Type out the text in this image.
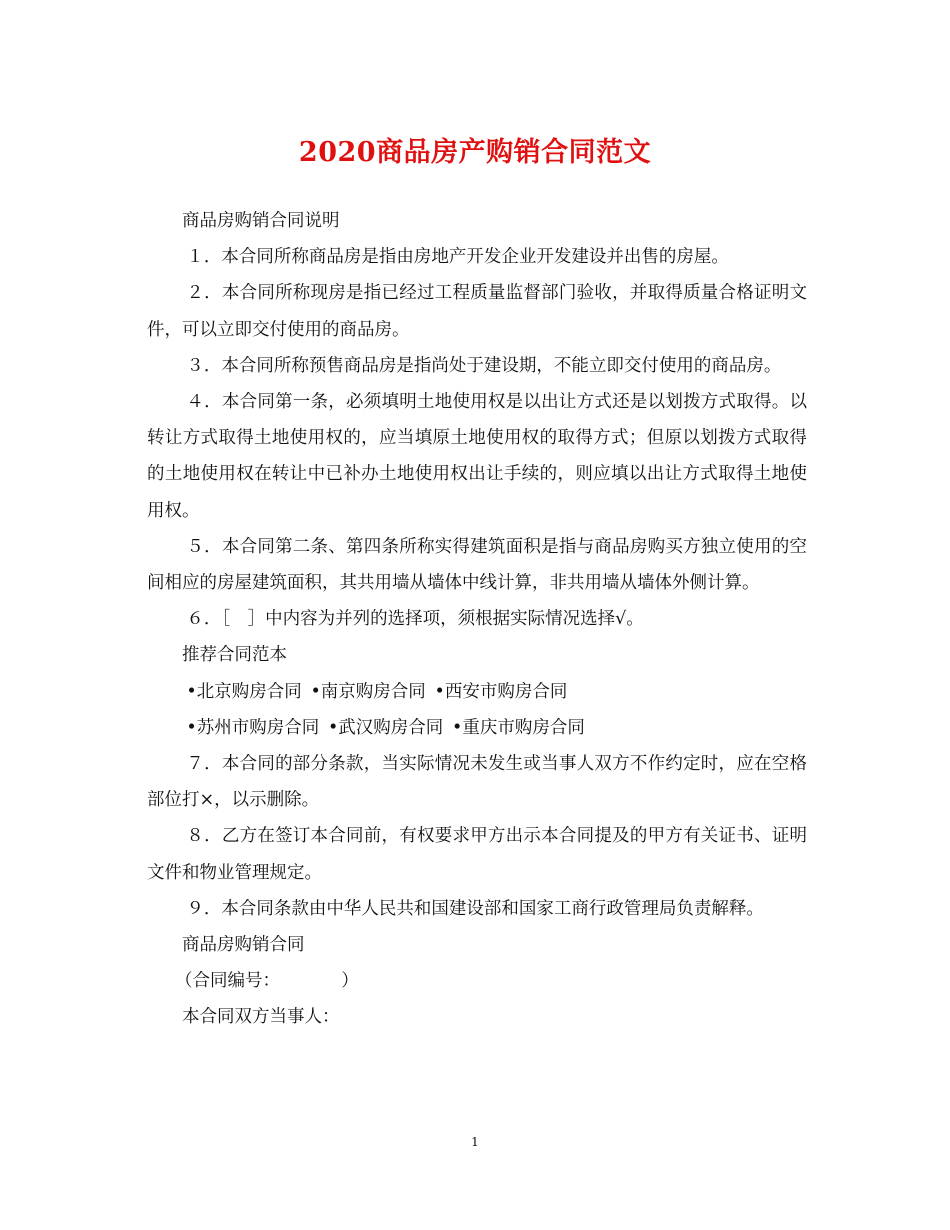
2020商品房产购销合同范文

商品房购销合同说明

１．本合同所称商品房是指由房地产开发企业开发建设并出售的房屋。

２．本合同所称现房是指已经过工程质量监督部门验收，并取得质量合格证明文件，可以立即交付使用的商品房。

３．本合同所称预售商品房是指尚处于建设期，不能立即交付使用的商品房。

４．本合同第一条，必须填明土地使用权是以出让方式还是以划拨方式取得。以转让方式取得土地使用权的，应当填原土地使用权的取得方式；但原以划拨方式取得的土地使用权在转让中已补办土地使用权出让手续的，则应填以出让方式取得土地使用权。

５．本合同第二条、第四条所称实得建筑面积是指与商品房购买方独立使用的空间相应的房屋建筑面积，其共用墙从墙体中线计算，非共用墙从墙体外侧计算。

６．［　］中内容为并列的选择项，须根据实际情况选择√。

推荐合同范本

• 北京购房合同 • 南京购房合同 • 西安市购房合同

• 苏州市购房合同 • 武汉购房合同 • 重庆市购房合同

７．本合同的部分条款，当实际情况未发生或当事人双方不作约定时，应在空格部位打×，以示删除。

８．乙方在签订本合同前，有权要求甲方出示本合同提及的甲方有关证书、证明文件和物业管理规定。

９．本合同条款由中华人民共和国建设部和国家工商行政管理局负责解释。

商品房购销合同

（合同编号：　　　　）

本合同双方当事人：

1
